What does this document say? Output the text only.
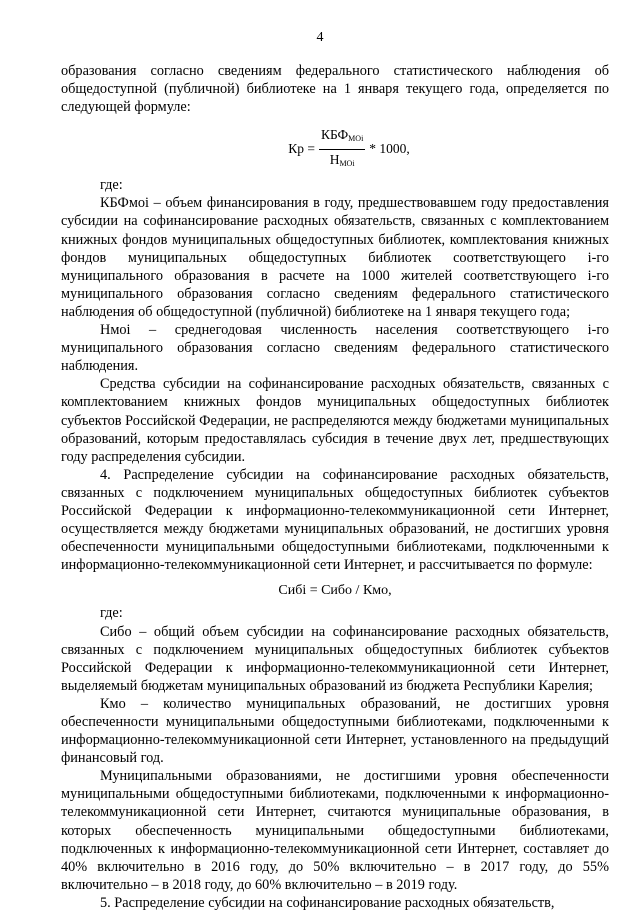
4

образования согласно сведениям федерального статистического наблюдения об общедоступной (публичной) библиотеке на 1 января текущего года, определяется по следующей формуле:

Кр = $\frac{КБФ_{МОi}}{Н_{МОi}} * 1000$,

где:

КБФмоi – объем финансирования в году, предшествовавшем году предоставления субсидии на софинансирование расходных обязательств, связанных с комплектованием книжных фондов муниципальных общедоступных библиотек, комплектования книжных фондов муниципальных общедоступных библиотек соответствующего i-го муниципального образования в расчете на 1000 жителей соответствующего i-го муниципального образования согласно сведениям федерального статистического наблюдения об общедоступной (публичной) библиотеке на 1 января текущего года;

Нмоi – среднегодовая численность населения соответствующего i-го муниципального образования согласно сведениям федерального статистического наблюдения.

Средства субсидии на софинансирование расходных обязательств, связанных с комплектованием книжных фондов муниципальных общедоступных библиотек субъектов Российской Федерации, не распределяются между бюджетами муниципальных образований, которым предоставлялась субсидия в течение двух лет, предшествующих году распределения субсидии.

4. Распределение субсидии на софинансирование расходных обязательств, связанных с подключением муниципальных общедоступных библиотек субъектов Российской Федерации к информационно-телекоммуникационной сети Интернет, осуществляется между бюджетами муниципальных образований, не достигших уровня обеспеченности муниципальными общедоступными библиотеками, подключенными к информационно-телекоммуникационной сети Интернет, и рассчитывается по формуле:

Сибi = Сибо / Кмо,

где:

Сибо – общий объем субсидии на софинансирование расходных обязательств, связанных с подключением муниципальных общедоступных библиотек субъектов Российской Федерации к информационно-телекоммуникационной сети Интернет, выделяемый бюджетам муниципальных образований из бюджета Республики Карелия;

Кмо – количество муниципальных образований, не достигших уровня обеспеченности муниципальными общедоступными библиотеками, подключенными к информационно-телекоммуникационной сети Интернет, установленного на предыдущий финансовый год.

Муниципальными образованиями, не достигшими уровня обеспеченности муниципальными общедоступными библиотеками, подключенными к информационно-телекоммуникационной сети Интернет, считаются муниципальные образования, в которых обеспеченность муниципальными общедоступными библиотеками, подключенных к информационно-телекоммуникационной сети Интернет, составляет до 40% включительно в 2016 году, до 50% включительно – в 2017 году, до 55% включительно – в 2018 году, до 60% включительно – в 2019 году.

5. Распределение субсидии на софинансирование расходных обязательств,
